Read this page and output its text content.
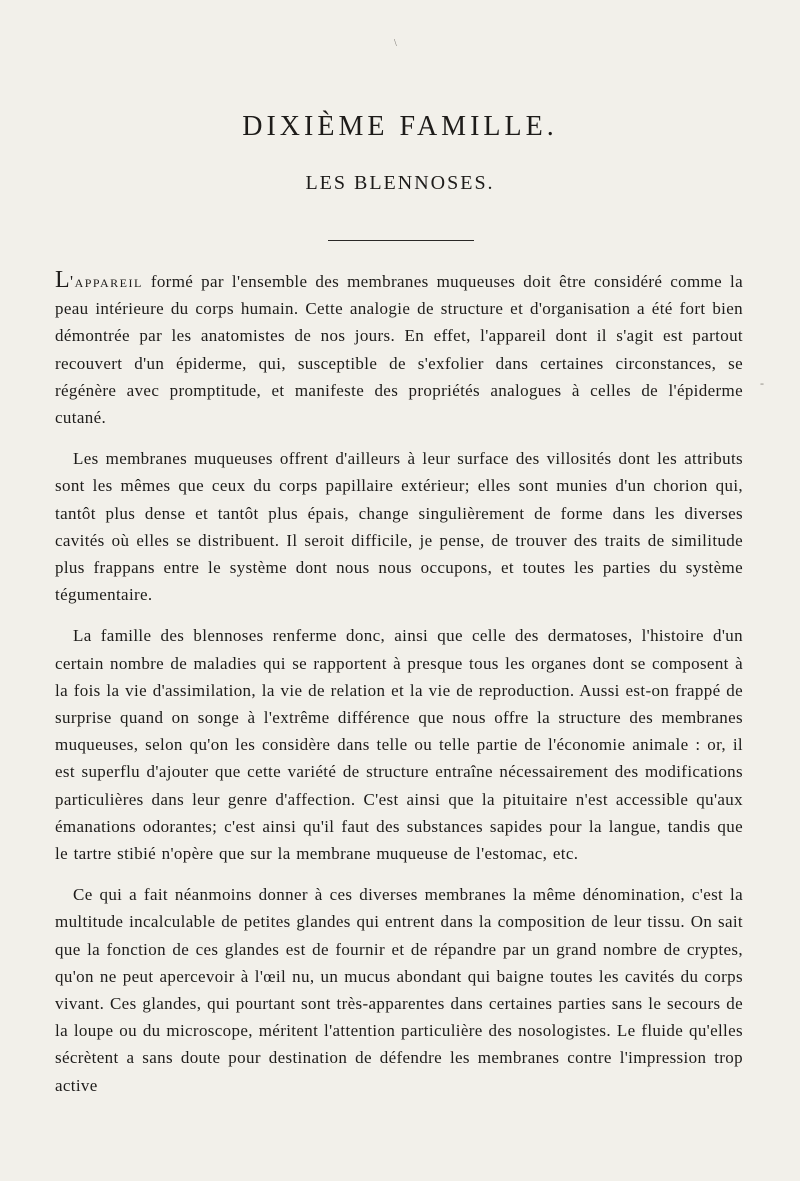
\
DIXIÈME FAMILLE.
LES BLENNOSES.
-

L'appareil formé par l'ensemble des membranes muqueuses doit être considéré comme la peau intérieure du corps humain. Cette analogie de structure et d'organisation a été fort bien démontrée par les anatomistes de nos jours. En effet, l'appareil dont il s'agit est partout recouvert d'un épiderme, qui, susceptible de s'exfolier dans certaines circonstances, se régénère avec promptitude, et manifeste des propriétés analogues à celles de l'épiderme cutané.

Les membranes muqueuses offrent d'ailleurs à leur surface des villosités dont les attributs sont les mêmes que ceux du corps papillaire extérieur; elles sont munies d'un chorion qui, tantôt plus dense et tantôt plus épais, change singulièrement de forme dans les diverses cavités où elles se distribuent. Il seroit difficile, je pense, de trouver des traits de similitude plus frappans entre le système dont nous nous occupons, et toutes les parties du système tégumentaire.

La famille des blennoses renferme donc, ainsi que celle des dermatoses, l'histoire d'un certain nombre de maladies qui se rapportent à presque tous les organes dont se composent à la fois la vie d'assimilation, la vie de relation et la vie de reproduction. Aussi est-on frappé de surprise quand on songe à l'extrême différence que nous offre la structure des membranes muqueuses, selon qu'on les considère dans telle ou telle partie de l'économie animale : or, il est superflu d'ajouter que cette variété de structure entraîne nécessairement des modifications particulières dans leur genre d'affection. C'est ainsi que la pituitaire n'est accessible qu'aux émanations odorantes; c'est ainsi qu'il faut des substances sapides pour la langue, tandis que le tartre stibié n'opère que sur la membrane muqueuse de l'estomac, etc.

Ce qui a fait néanmoins donner à ces diverses membranes la même dénomination, c'est la multitude incalculable de petites glandes qui entrent dans la composition de leur tissu. On sait que la fonction de ces glandes est de fournir et de répandre par un grand nombre de cryptes, qu'on ne peut apercevoir à l'œil nu, un mucus abondant qui baigne toutes les cavités du corps vivant. Ces glandes, qui pourtant sont très-apparentes dans certaines parties sans le secours de la loupe ou du microscope, méritent l'attention particulière des nosologistes. Le fluide qu'elles sécrètent a sans doute pour destination de défendre les membranes contre l'impression trop active
